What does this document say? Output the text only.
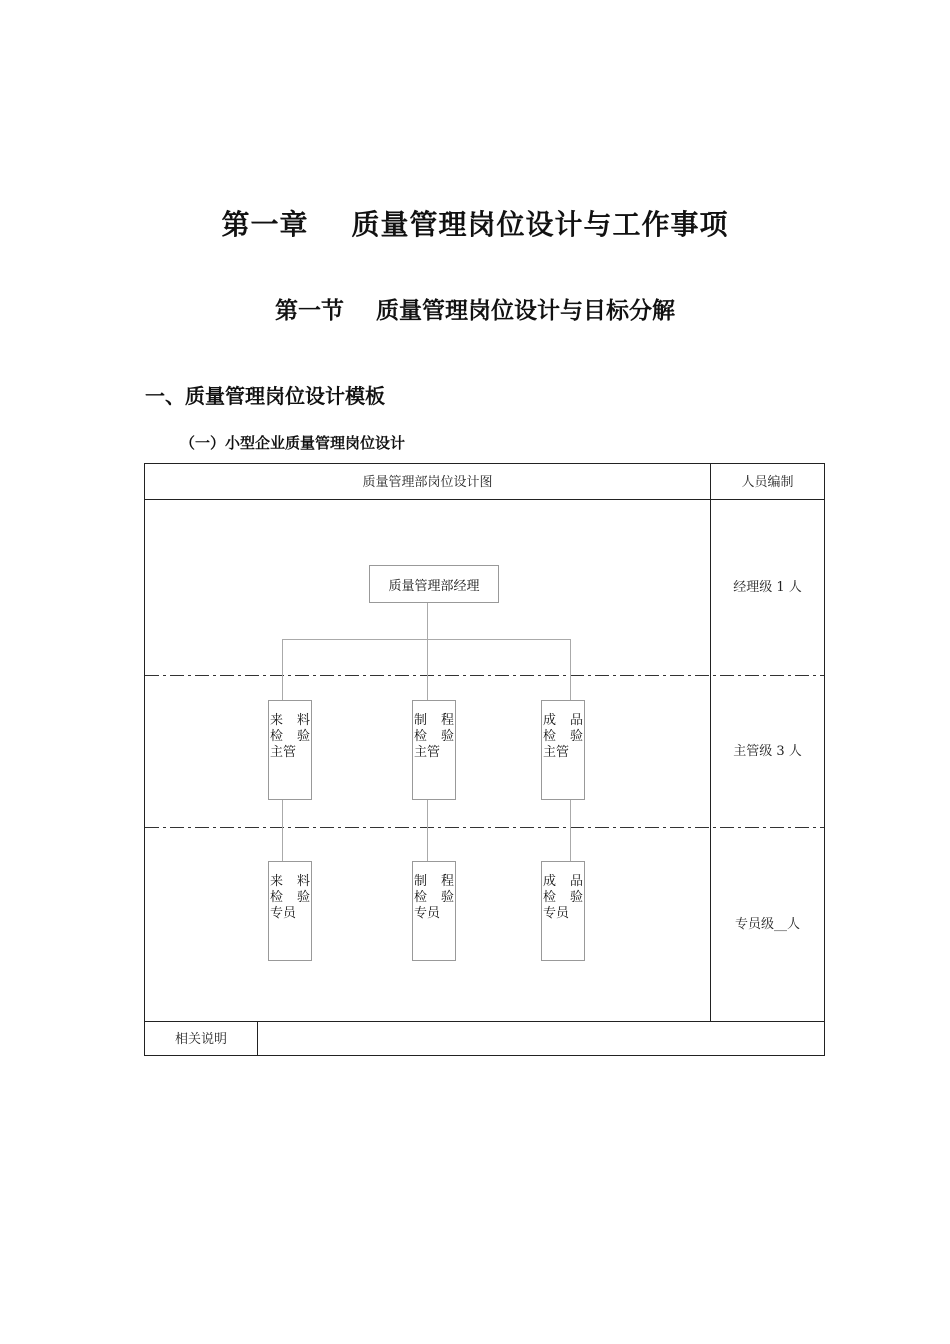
第一章    质量管理岗位设计与工作事项
第一节    质量管理岗位设计与目标分解
一、质量管理岗位设计模板
（一）小型企业质量管理岗位设计
质量管理部岗位设计图	人员编制
经理级 1 人
主管级 3 人
专员级__人
相关说明
质量管理部经理
来 料
检 验
主管
制 程
检 验
主管
成 品
检 验
主管
来 料
检 验
专员
制 程
检 验
专员
成 品
检 验
专员
